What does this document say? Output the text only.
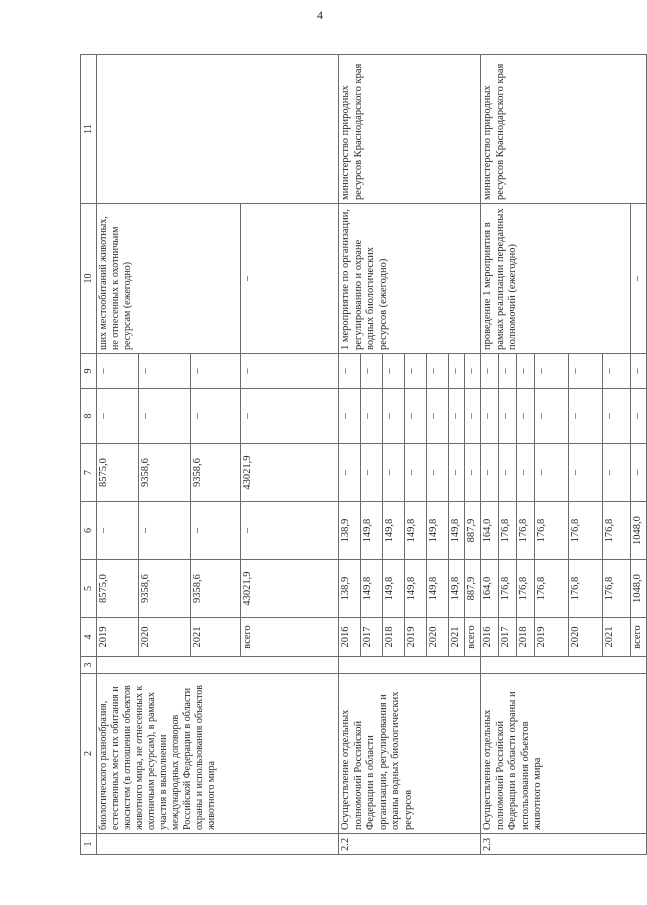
4
1	2	3	4	5	6	7	8	9	10	11
	биологического разнообразия, естественных мест их обитания и экосистем (в отношении объектов животного мира, не отнесенных к охотничьим ресурсам), в рамках участия в выполнении международных договоров Российской Федерации в области охраны и использования объектов животного мира		2019	8575,0	–	8575,0	–	–	ших местообитаний животных, не отнесенных к охотничьим ресурсам (ежегодно)	
			2020	9358,6	–	9358,6	–	–		
			2021	9358,6	–	9358,6	–	–		
			всего	43021,9	–	43021,9	–	–	–	
2.2	Осуществление отдельных полномочий Российской Федерации в области организации, регулирования и охраны водных биологических ресурсов		2016	138,9	138,9	–	–	–	1 мероприятие по организации, регулированию и охране водных биологических ресурсов (ежегодно)	министерство природных ресурсов Краснодарского края
			2017	149,8	149,8	–	–	–		
			2018	149,8	149,8	–	–	–		
			2019	149,8	149,8	–	–	–		
			2020	149,8	149,8	–	–	–		
			2021	149,8	149,8	–	–	–		
			всего	887,9	887,9	–	–	–		
2.3	Осуществление отдельных полномочий Российской Федерации в области охраны и использования объектов животного мира		2016	164,0	164,0	–	–	–	проведение 1 мероприятия в рамках реализации переданных полномочий (ежегодно)	министерство природных ресурсов Краснодарского края
			2017	176,8	176,8	–	–	–		
			2018	176,8	176,8	–	–	–		
			2019	176,8	176,8	–	–	–		
			2020	176,8	176,8	–	–	–		
			2021	176,8	176,8	–	–	–		
			всего	1048,0	1048,0	–	–	–	–	
